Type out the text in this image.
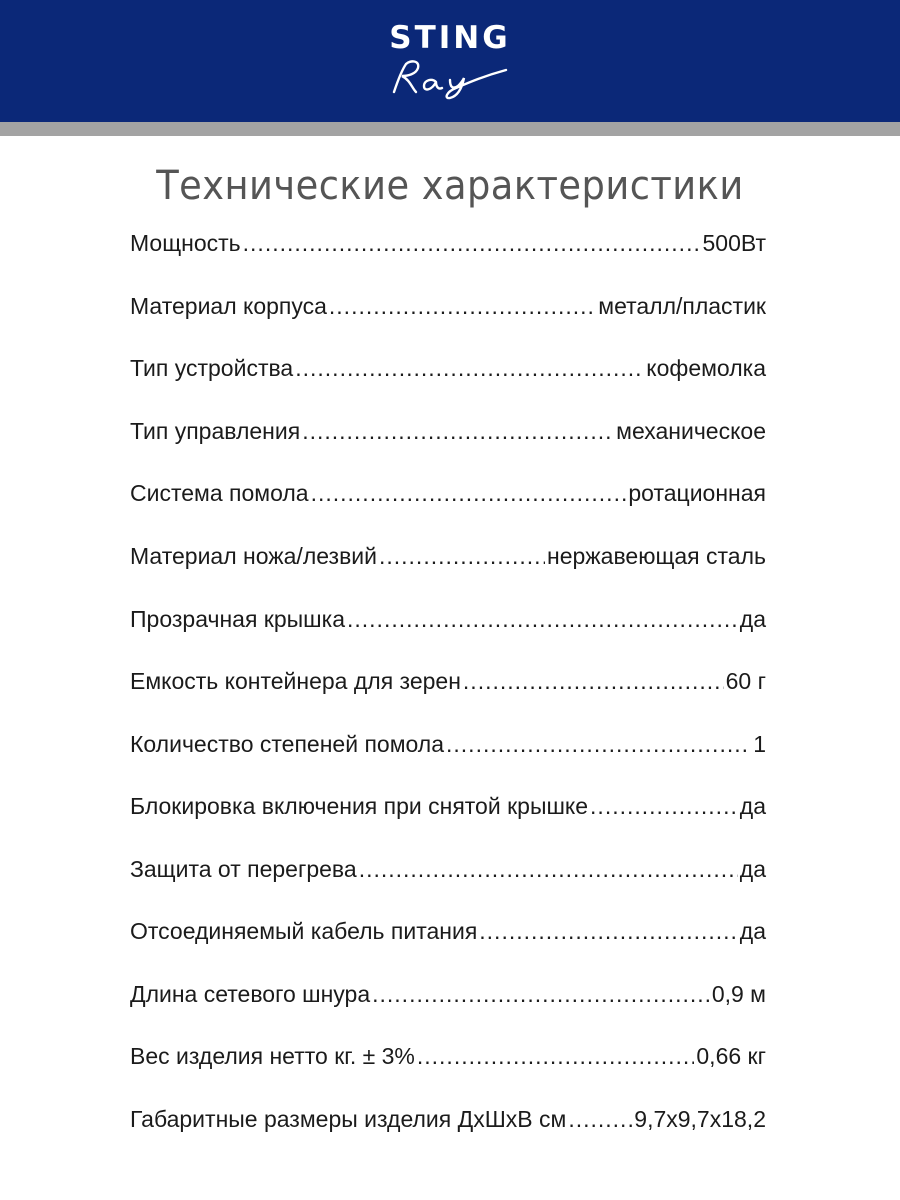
STING
Технические характеристики
Мощность .....	500Вт
Материал корпуса .....	металл/пластик
Тип устройства .....	кофемолка
Тип управления .....	механическое
Система помола .....	ротационная
Материал ножа/лезвий .....	нержавеющая сталь
Прозрачная крышка .....	да
Емкость контейнера для зерен .....	60 г
Количество степеней помола .....	1
Блокировка включения при снятой крышке .....	да
Защита от перегрева .....	да
Отсоединяемый кабель питания .....	да
Длина сетевого шнура .....	0,9 м
Вес изделия нетто кг. ± 3% .....	0,66 кг
Габаритные размеры изделия ДхШхВ см .....	9,7х9,7х18,2
